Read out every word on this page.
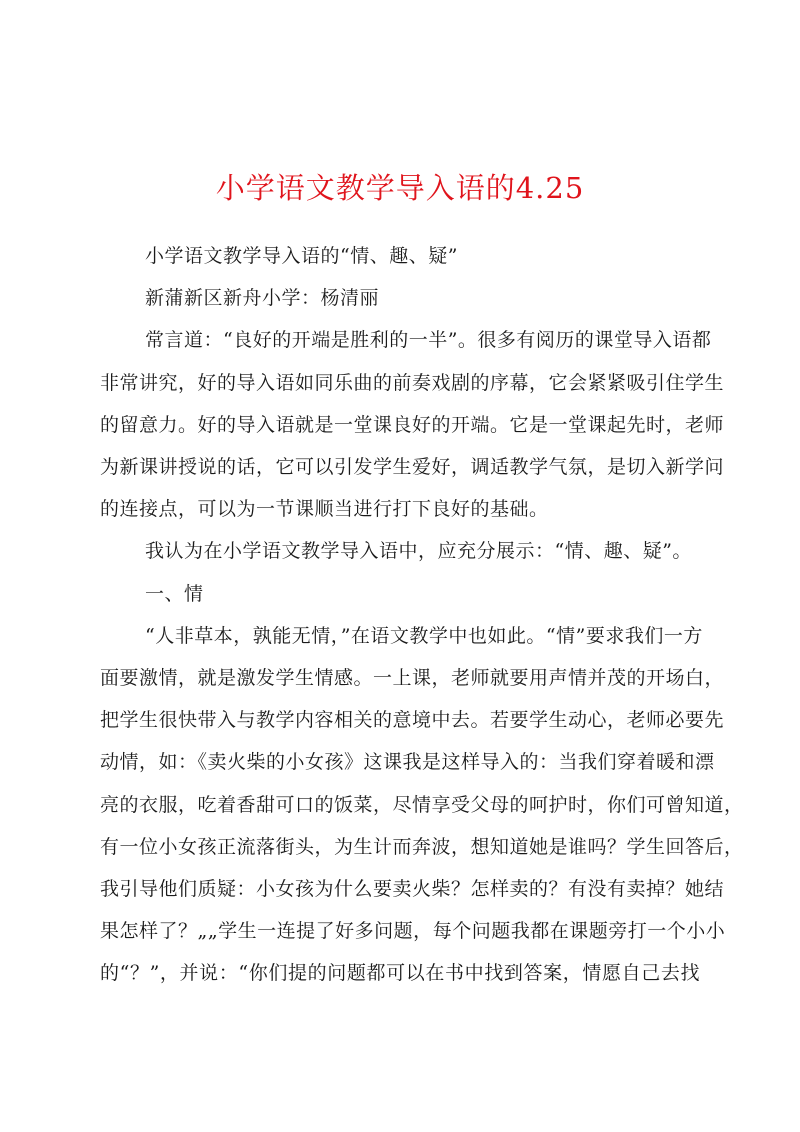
小学语文教学导入语的4.25
小学语文教学导入语的“情、趣、疑”
新蒲新区新舟小学：杨清丽
常言道：“良好的开端是胜利的一半”。很多有阅历的课堂导入语都
非常讲究，好的导入语如同乐曲的前奏戏剧的序幕，它会紧紧吸引住学生
的留意力。好的导入语就是一堂课良好的开端。它是一堂课起先时，老师
为新课讲授说的话，它可以引发学生爱好，调适教学气氛，是切入新学问
的连接点，可以为一节课顺当进行打下良好的基础。
我认为在小学语文教学导入语中，应充分展示：“情、趣、疑”。
一、情
“人非草本，孰能无情，”在语文教学中也如此。“情”要求我们一方
面要激情，就是激发学生情感。一上课，老师就要用声情并茂的开场白，
把学生很快带入与教学内容相关的意境中去。若要学生动心，老师必要先
动情，如：《卖火柴的小女孩》这课我是这样导入的：当我们穿着暖和漂
亮的衣服，吃着香甜可口的饭菜，尽情享受父母的呵护时，你们可曾知道，
有一位小女孩正流落街头，为生计而奔波，想知道她是谁吗？学生回答后，
我引导他们质疑：小女孩为什么要卖火柴？怎样卖的？有没有卖掉？她结
果怎样了？„„学生一连提了好多问题，每个问题我都在课题旁打一个小小
的“？”，并说：“你们提的问题都可以在书中找到答案，情愿自己去找
